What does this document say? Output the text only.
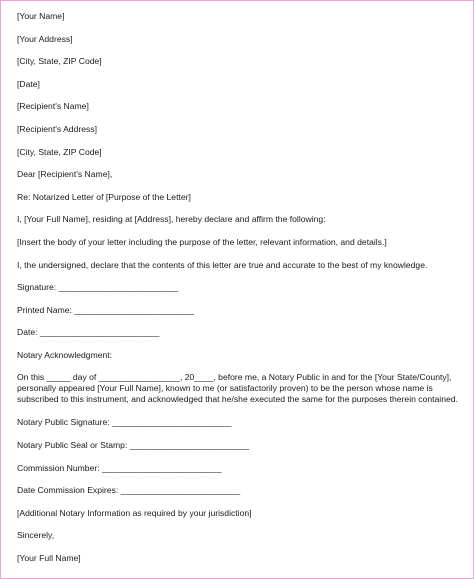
[Your Name]
[Your Address]
[City, State, ZIP Code]
[Date]
[Recipient's Name]
[Recipient's Address]
[City, State, ZIP Code]
Dear [Recipient's Name],
Re: Notarized Letter of [Purpose of the Letter]
I, [Your Full Name], residing at [Address], hereby declare and affirm the following:
[Insert the body of your letter including the purpose of the letter, relevant information, and details.]
I, the undersigned, declare that the contents of this letter are true and accurate to the best of my knowledge.
Signature: _________________________
Printed Name: _________________________
Date: _________________________
Notary Acknowledgment:
On this _____ day of _________________, 20____, before me, a Notary Public in and for the [Your State/County], personally appeared [Your Full Name], known to me (or satisfactorily proven) to be the person whose name is subscribed to this instrument, and acknowledged that he/she executed the same for the purposes therein contained.
Notary Public Signature: _________________________
Notary Public Seal or Stamp: _________________________
Commission Number: _________________________
Date Commission Expires: _________________________
[Additional Notary Information as required by your jurisdiction]
Sincerely,
[Your Full Name]
